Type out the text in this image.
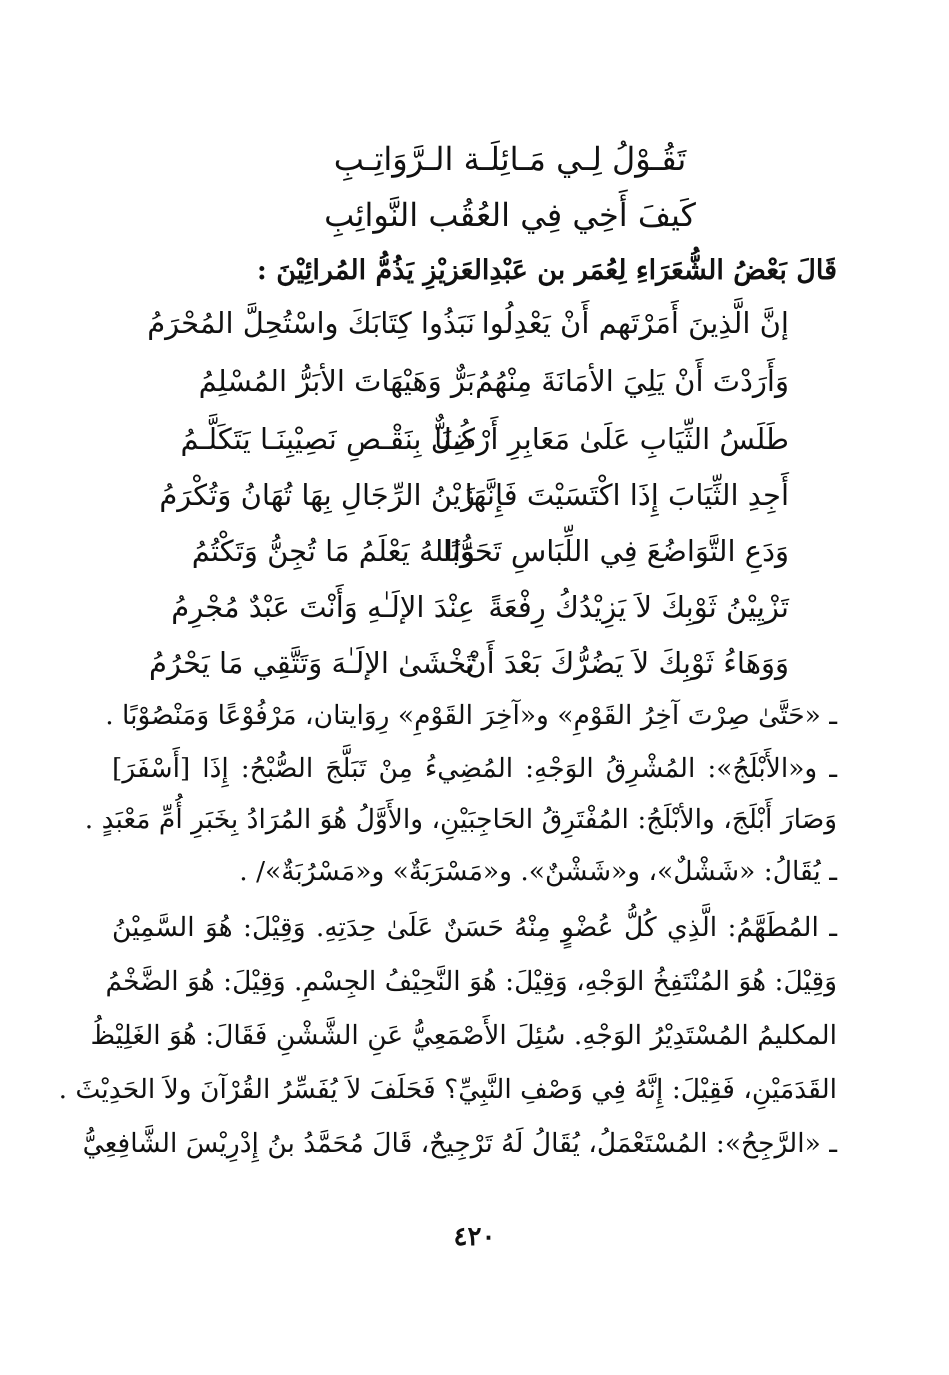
تَقُـوْلُ لِـي مَـائِلَـة الـرَّوَاتِـبِ
كَيفَ أَخِي فِي العُقُب النَّوائِبِ
قَالَ بَعْضُ الشُّعَرَاءِ لِعُمَر بن عَبْدِالعَزيْزِ يَذُمُّ المُرائِيْنَ :
إنَّ الَّذِينَ أَمَرْتَهم أَنْ يَعْدِلُوا
نَبَذُوا كِتَابَكَ واسْتُحِلَّ المُحْرَمُ
وَأَرَدْتَ أَنْ يَلِيَ الأمَانَةَ مِنْهُمُ
بَرٌّ وَهَيْهَاتَ الأبَرُّ المُسْلِمُ
طَلَسُ الثِّيَابِ عَلَىٰ مَعَابِرِ أَرْضِنَا
كُـلٌّ بِنَقْـصِ نَصِيْبِنَـا يَتَكَلَّـمُ
أَجِدِ الثِّيَابَ إِذَا اكْتَسَيْتَ فَإِنَّهَا
زَيْنُ الرِّجَالِ بِهَا تُهَانُ وَتُكْرَمُ
وَدَعِ التَّوَاضُعَ فِي اللِّبَاسِ تَحَوُّبًا
وَاللهُ يَعْلَمُ مَا تُجِنُّ وَتَكْتُمُ
تَزْيِيْنُ ثَوْبِكَ لاَ يَزِيْدُكُ رِفْعَةً
عِنْدَ الإلَـٰهِ وَأَنْتَ عَبْدٌ مُجْرِمُ
وَوَهَاءُ ثَوْبِكَ لاَ يَضُرُّكَ بَعْدَ أَنْ
تَخْشَىٰ الإلَـٰهَ وَتَتَّقِي مَا يَحْرُمُ
ـ «حَتَّىٰ صِرْتَ آخِرُ القَوْمِ» و«آخِرَ القَوْمِ» رِوَايتان، مَرْفُوْعًا وَمَنْصُوْبًا .
ـ و«الأَبْلَجُ»: المُشْرِقُ الوَجْهِ: المُضِيءُ مِنْ تَبَلَّجَ الصُّبْحُ: إِذَا [أَسْفَرَ]
وَصَارَ أَبْلَجَ، والأبْلَجُ: المُفْتَرِقُ الحَاجِبَيْنِ، والأَوَّلُ هُوَ المُرَادُ بِخَبَرِ أُمِّ مَعْبَدٍ .
ـ يُقَالُ: «شَشْلٌ»، و«شَشْنٌ». و«مَسْرَبَةٌ» و«مَسْرُبَةٌ»/ .
ـ المُطَهَّمُ: الَّذِي كُلُّ عُضْوٍ مِنْهُ حَسَنٌ عَلَىٰ حِدَتِهِ. وَقِيْلَ: هُوَ السَّمِيْنُ
وَقِيْلَ: هُوَ المُنْتَفِخُ الوَجْهِ، وَقِيْلَ: هُوَ النَّحِيْفُ الجِسْمِ. وَقِيْلَ: هُوَ الضَّخْمُ
المكليمُ المُسْتَدِيْرُ الوَجْهِ. سُئِلَ الأَصْمَعِيُّ عَنِ الشَّشْنِ فَقَالَ: هُوَ الغَلِيْظُ
القَدَمَيْنِ، فَقِيْلَ: إِنَّهُ فِي وَصْفِ النَّبِيِّ؟ فَحَلَفَ لاَ يُفَسِّرُ القُرْآنَ ولاَ الحَدِيْثَ .
ـ «الرَّجِحُ»: المُسْتَعْمَلُ، يُقَالُ لَهُ تَرْجِيحٌ، قَالَ مُحَمَّدُ بنُ إِدْرِيْسَ الشَّافِعِيُّ
٤٢٠
